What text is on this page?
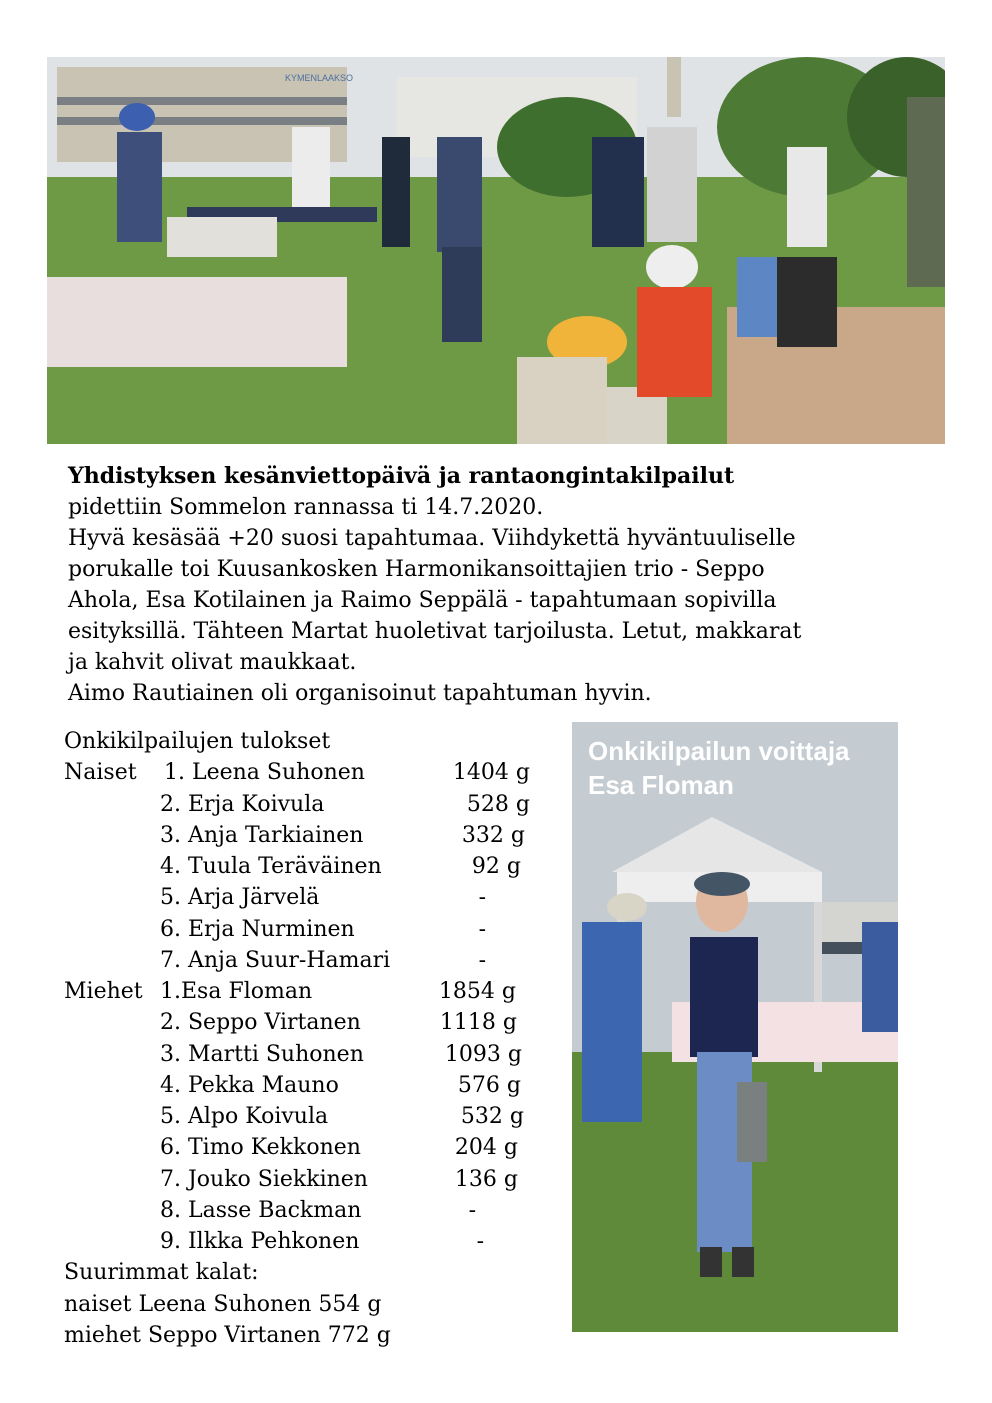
KYMENLAAKSO

Yhdistyksen kesänviettopäivä ja rantaongintakilpailut

pidettiin Sommelon rannassa ti 14.7.2020.

Hyvä kesäsää +20 suosi tapahtumaa. Viihdykettä hyväntuuliselle

porukalle toi Kuusankosken Harmonikansoittajien trio - Seppo

Ahola, Esa Kotilainen ja Raimo Seppälä - tapahtumaan sopivilla

esityksillä. Tähteen Martat huoletivat tarjoilusta. Letut, makkarat

ja kahvit olivat maukkaat.

Aimo Rautiainen oli organisoinut tapahtuman hyvin.

Onkikilpailujen tulokset
Naiset 1. Leena Suhonen	1404 g
2. Erja Koivula	528 g
3. Anja Tarkiainen	332 g
4. Tuula Teräväinen	92 g
5. Arja Järvelä	-
6. Erja Nurminen	-
7. Anja Suur-Hamari	-
Miehet 1.Esa Floman	1854 g
2. Seppo Virtanen	1118 g
3. Martti Suhonen	1093 g
4. Pekka Mauno	576 g
5. Alpo Koivula	532 g
6. Timo Kekkonen	204 g
7. Jouko Siekkinen	136 g
8. Lasse Backman	-
9. Ilkka Pehkonen	-
Suurimmat kalat:
naiset Leena Suhonen 554 g
miehet Seppo Virtanen 772 g
Onkikilpailun voittaja
Esa Floman
